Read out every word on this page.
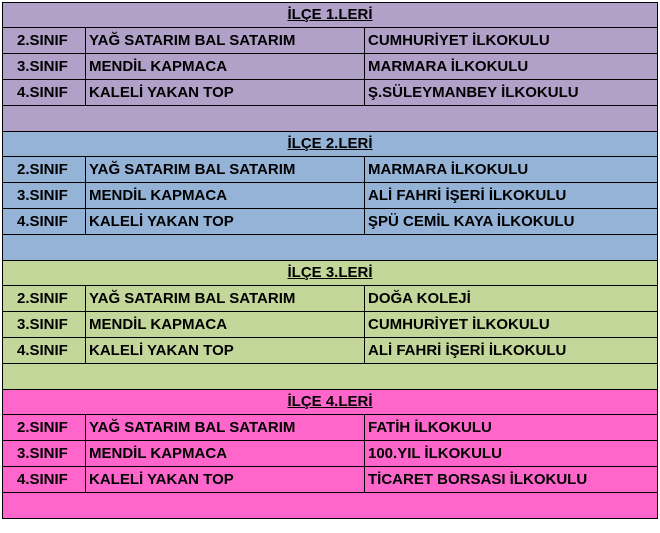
İLÇE 1.LERİ		
2.SINIF	YAĞ SATARIM BAL SATARIM	CUMHURİYET İLKOKULU
3.SINIF	MENDİL KAPMACA	MARMARA İLKOKULU
4.SINIF	KALELİ YAKAN TOP	Ş.SÜLEYMANBEY İLKOKULU

İLÇE 2.LERİ		
2.SINIF	YAĞ SATARIM BAL SATARIM	MARMARA İLKOKULU
3.SINIF	MENDİL KAPMACA	ALİ FAHRİ İŞERİ İLKOKULU
4.SINIF	KALELİ YAKAN TOP	ŞPÜ CEMİL KAYA İLKOKULU

İLÇE 3.LERİ		
2.SINIF	YAĞ SATARIM BAL SATARIM	DOĞA KOLEJİ
3.SINIF	MENDİL KAPMACA	CUMHURİYET İLKOKULU
4.SINIF	KALELİ YAKAN TOP	ALİ FAHRİ İŞERİ İLKOKULU

İLÇE 4.LERİ		
2.SINIF	YAĞ SATARIM BAL SATARIM	FATİH İLKOKULU
3.SINIF	MENDİL KAPMACA	100.YIL İLKOKULU
4.SINIF	KALELİ YAKAN TOP	TİCARET BORSASI İLKOKULU
